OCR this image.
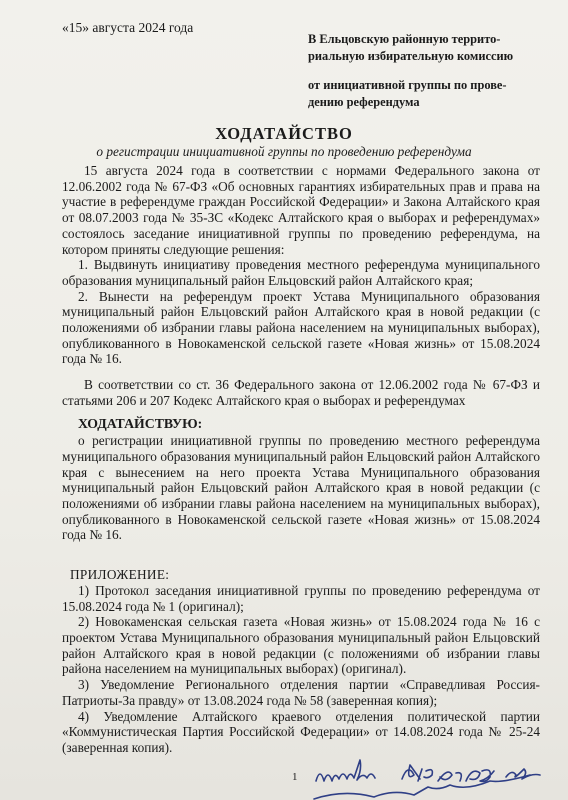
«15» августа 2024 года
В Ельцовскую районную террито-
риальную избирательную комиссию
от инициативной группы по прове-
дению референдума
ХОДАТАЙСТВО
о регистрации инициативной группы по проведению референдума

15 августа 2024 года в соответствии с нормами Федерального закона от 12.06.2002 года № 67-ФЗ «Об основных гарантиях избирательных прав и права на участие в референдуме граждан Российской Федерации» и Закона Алтайского края от 08.07.2003 года № 35-ЗС «Кодекс Алтайского края о выборах и референдумах» состоялось заседание инициативной группы по проведению референдума, на котором приняты следующие решения:

1. Выдвинуть инициативу проведения местного референдума муниципального образования муниципальный район Ельцовский район Алтайского края;

2. Вынести на референдум проект Устава Муниципального образования муниципальный район Ельцовский район Алтайского края в новой редакции (с положениями об избрании главы района населением на муниципальных выборах), опубликованного в Новокаменской сельской газете «Новая жизнь» от 15.08.2024 года № 16.

В соответствии со ст. 36 Федерального закона от 12.06.2002 года № 67-ФЗ и статьями 206 и 207 Кодекс Алтайского края о выборах и референдумах

ХОДАТАЙСТВУЮ:

о регистрации инициативной группы по проведению местного референдума муниципального образования муниципальный район Ельцовский район Алтайского края с вынесением на него проекта Устава Муниципального образования муниципальный район Ельцовский район Алтайского края в новой редакции (с положениями об избрании главы района населением на муниципальных выборах), опубликованного в Новокаменской сельской газете «Новая жизнь» от 15.08.2024 года № 16.

ПРИЛОЖЕНИЕ:

1) Протокол заседания инициативной группы по проведению референдума от 15.08.2024 года № 1 (оригинал);

2) Новокаменская сельская газета «Новая жизнь» от 15.08.2024 года № 16 с проектом Устава Муниципального образования муниципальный район Ельцовский район Алтайского края в новой редакции (с положениями об избрании главы района населением на муниципальных выборах) (оригинал).

3) Уведомление Регионального отделения партии «Справедливая Россия-Патриоты-За правду» от 13.08.2024 года № 58 (заверенная копия);

4) Уведомление Алтайского краевого отделения политической партии «Коммунистическая Партия Российской Федерации» от 14.08.2024 года № 25-24 (заверенная копия).

1
